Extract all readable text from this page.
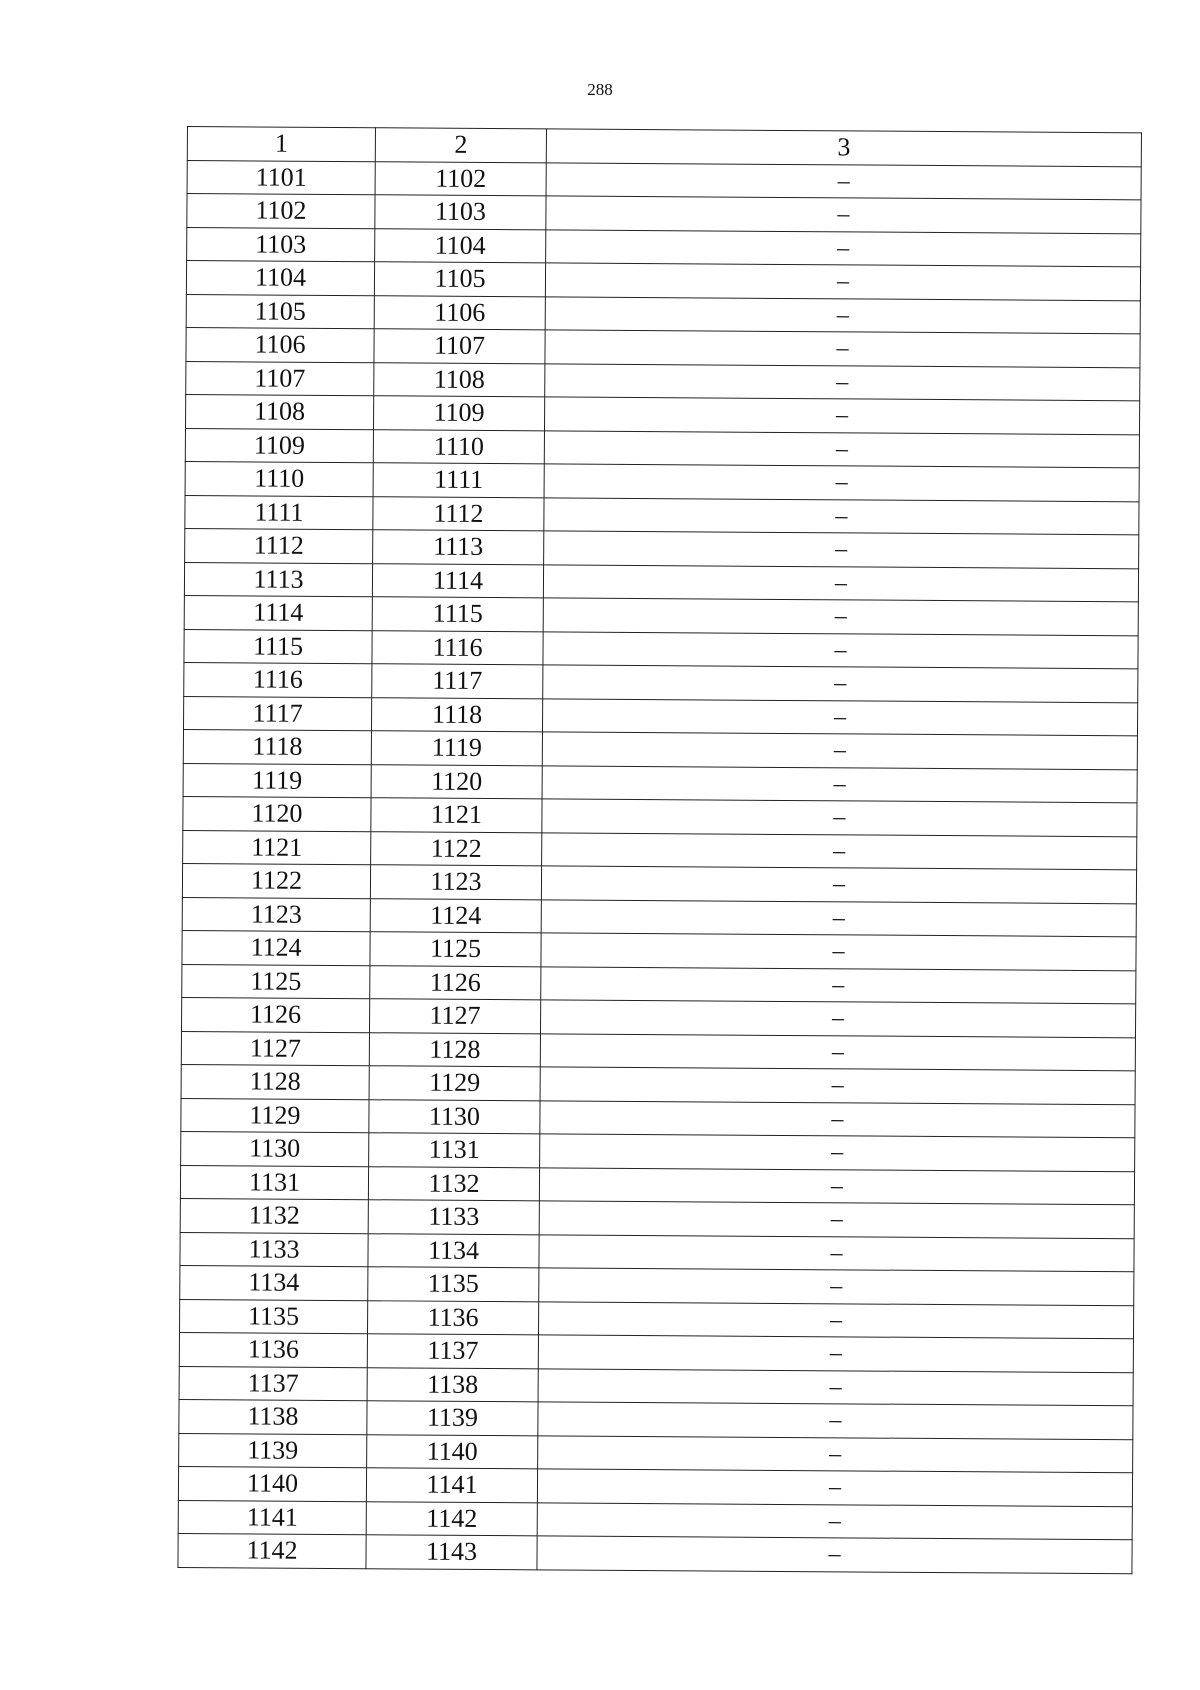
288
1	2	3
1101	1102	–
1102	1103	–
1103	1104	–
1104	1105	–
1105	1106	–
1106	1107	–
1107	1108	–
1108	1109	–
1109	1110	–
1110	1111	–
1111	1112	–
1112	1113	–
1113	1114	–
1114	1115	–
1115	1116	–
1116	1117	–
1117	1118	–
1118	1119	–
1119	1120	–
1120	1121	–
1121	1122	–
1122	1123	–
1123	1124	–
1124	1125	–
1125	1126	–
1126	1127	–
1127	1128	–
1128	1129	–
1129	1130	–
1130	1131	–
1131	1132	–
1132	1133	–
1133	1134	–
1134	1135	–
1135	1136	–
1136	1137	–
1137	1138	–
1138	1139	–
1139	1140	–
1140	1141	–
1141	1142	–
1142	1143	–
